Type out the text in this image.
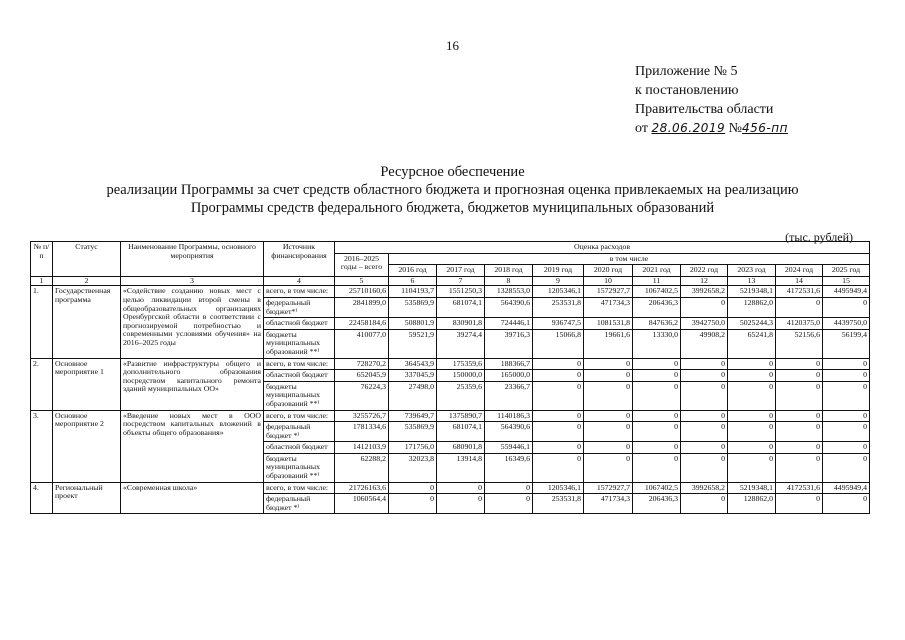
16
Приложение № 5
к постановлению
Правительства области
от 28.06.2019 №456-пп
Ресурсное обеспечение
реализации Программы за счет средств областного бюджета и прогнозная оценка привлекаемых на реализацию
Программы средств федерального бюджета, бюджетов муниципальных образований
(тыс. рублей)
№ п/п	Статус	Наименование Программы, основного мероприятия	Источник финансирования	Оценка расходов										
				2016–2025 годы – всего	в том числе									
					2016 год	2017 год	2018 год	2019 год	2020 год	2021 год	2022 год	2023 год	2024 год	2025 год
1	2	3	4	5	6	7	8	9	10	11	12	13	14	15
1.	Государственная программа	«Содействие созданию новых мест с целью ликвидации второй смены в общеобразовательных организациях Оренбургской области в соответствии с прогнозируемой потребностью и современными условиями обучения» на 2016–2025 годы	всего, в том числе:	25710160,6	1104193,7	1551250,3	1328553,0	1205346,1	1572927,7	1067402,5	3992658,2	5219348,1	4172531,6	4495949,4
			федеральный бюджет*⁾	2841899,0	535869,9	681074,1	564390,6	253531,8	471734,3	206436,3	0	128862,0	0	0
			областной бюджет	22458184,6	508801,9	830901,8	724446,1	936747,5	1081531,8	847636,2	3942750,0	5025244,3	4120375,0	4439750,0
			бюджеты муниципальных образований **⁾	410077,0	59521,9	39274,4	39716,3	15066,8	19661,6	13330,0	49908,2	65241,8	52156,6	56199,4
2.	Основное мероприятие 1	«Развитие инфраструктуры общего и дополнительного образования посредством капитального ремонта зданий муниципальных ОО»	всего, в том числе:	728270,2	364543,9	175359,6	188366,7	0	0	0	0	0	0	0
			областной бюджет	652045,9	337045,9	150000,0	165000,0	0	0	0	0	0	0	0
			бюджеты муниципальных образований **⁾	76224,3	27498,0	25359,6	23366,7	0	0	0	0	0	0	0
3.	Основное мероприятие 2	«Введение новых мест в ООО посредством капитальных вложений в объекты общего образования»	всего, в том числе:	3255726,7	739649,7	1375890,7	1140186,3	0	0	0	0	0	0	0
			федеральный бюджет *⁾	1781334,6	535869,9	681074,1	564390,6	0	0	0	0	0	0	0
			областной бюджет	1412103,9	171756,0	680901,8	559446,1	0	0	0	0	0	0	0
			бюджеты муниципальных образований **⁾	62288,2	32023,8	13914,8	16349,6	0	0	0	0	0	0	0
4.	Региональный проект	«Современная школа»	всего, в том числе:	21726163,6	0	0	0	1205346,1	1572927,7	1067402,5	3992658,2	5219348,1	4172531,6	4495949,4
			федеральный бюджет *⁾	1060564,4	0	0	0	253531,8	471734,3	206436,3	0	128862,0	0	0
